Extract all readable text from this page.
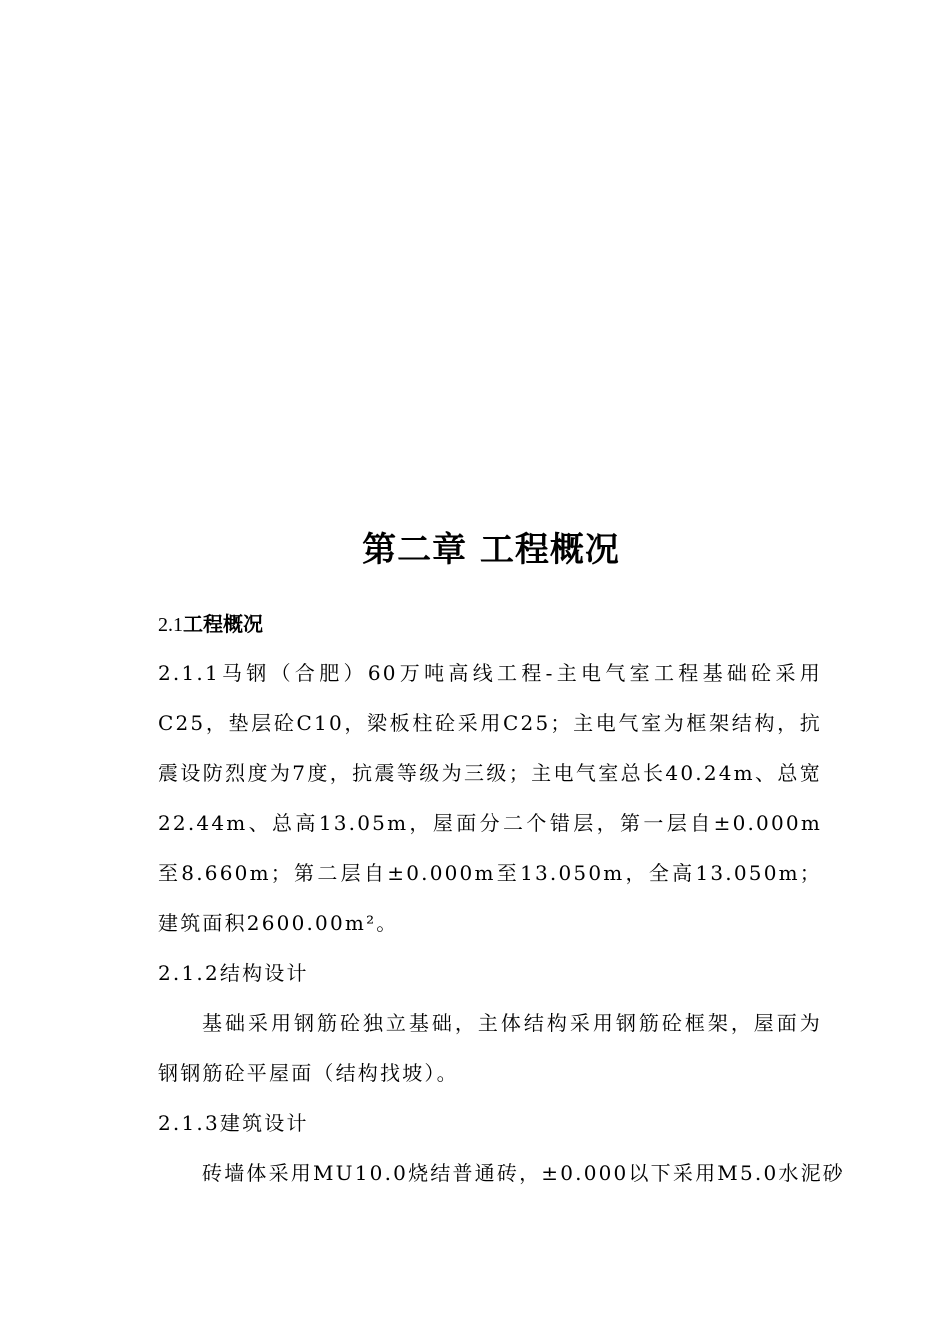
第二章 工程概况
2.1工程概况

2.1.1马钢（合肥）60万吨高线工程-主电气室工程基础砼采用C25，垫层砼C10，梁板柱砼采用C25；主电气室为框架结构，抗震设防烈度为7度，抗震等级为三级；主电气室总长40.24m、总宽22.44m、总高13.05m，屋面分二个错层，第一层自±0.000m至8.660m；第二层自±0.000m至13.050m，全高13.050m；建筑面积2600.00m²。

2.1.2结构设计

基础采用钢筋砼独立基础，主体结构采用钢筋砼框架，屋面为钢钢筋砼平屋面（结构找坡）。

2.1.3建筑设计

砖墙体采用MU10.0烧结普通砖，±0.000以下采用M5.0水泥砂
